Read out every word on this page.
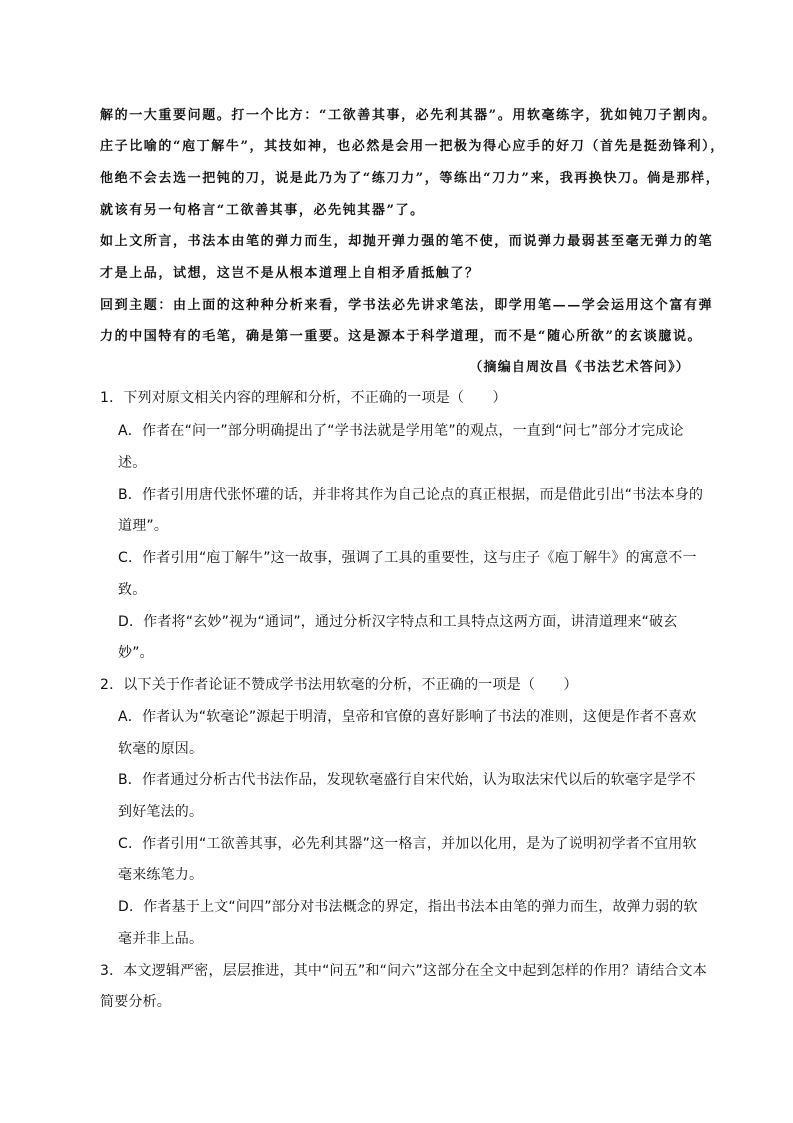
解的一大重要问题。打一个比方：“工欲善其事，必先利其器”。用软毫练字，犹如钝刀子割肉。
庄子比喻的“庖丁解牛”，其技如神，也必然是会用一把极为得心应手的好刀（首先是挺劲锋利），
他绝不会去选一把钝的刀，说是此乃为了“练刀力”，等练出“刀力”来，我再换快刀。倘是那样，
就该有另一句格言“工欲善其事，必先钝其器”了。
如上文所言，书法本由笔的弹力而生，却抛开弹力强的笔不使，而说弹力最弱甚至毫无弹力的笔
才是上品，试想，这岂不是从根本道理上自相矛盾抵触了？
回到主题：由上面的这种种分析来看，学书法必先讲求笔法，即学用笔——学会运用这个富有弹
力的中国特有的毛笔，确是第一重要。这是源本于科学道理，而不是“随心所欲”的玄谈臆说。
（摘编自周汝昌《书法艺术答问》）
1．下列对原文相关内容的理解和分析，不正确的一项是（　　）
A．作者在“问一”部分明确提出了“学书法就是学用笔”的观点，一直到“问七”部分才完成论
述。
B．作者引用唐代张怀瓘的话，并非将其作为自己论点的真正根据，而是借此引出“书法本身的
道理”。
C．作者引用“庖丁解牛”这一故事，强调了工具的重要性，这与庄子《庖丁解牛》的寓意不一
致。
D．作者将“玄妙”视为“通词”，通过分析汉字特点和工具特点这两方面，讲清道理来“破玄
妙”。
2．以下关于作者论证不赞成学书法用软毫的分析，不正确的一项是（　　）
A．作者认为“软毫论”源起于明清，皇帝和官僚的喜好影响了书法的准则，这便是作者不喜欢
软毫的原因。
B．作者通过分析古代书法作品，发现软毫盛行自宋代始，认为取法宋代以后的软毫字是学不
到好笔法的。
C．作者引用“工欲善其事，必先利其器”这一格言，并加以化用，是为了说明初学者不宜用软
毫来练笔力。
D．作者基于上文“问四”部分对书法概念的界定，指出书法本由笔的弹力而生，故弹力弱的软
毫并非上品。
3．本文逻辑严密，层层推进，其中“问五”和“问六”这部分在全文中起到怎样的作用？请结合文本
简要分析。
